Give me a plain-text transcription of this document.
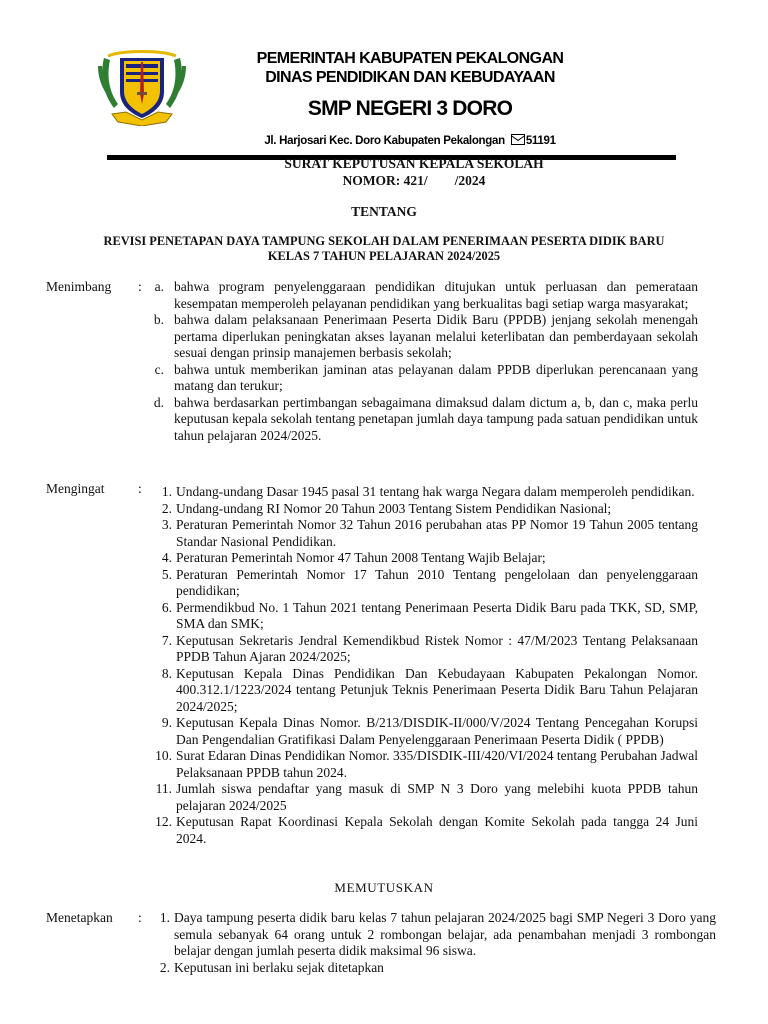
PEMERINTAH KABUPATEN PEKALONGAN
DINAS PENDIDIKAN DAN KEBUDAYAAN
SMP NEGERI 3 DORO
Jl. Harjosari Kec. Doro Kabupaten Pekalongan 51191
SURAT KEPUTUSAN KEPALA SEKOLAH
NOMOR: 421/        /2024
TENTANG
REVISI PENETAPAN DAYA TAMPUNG SEKOLAH DALAM PENERIMAAN PESERTA DIDIK BARU
KELAS 7 TAHUN PELAJARAN 2024/2025
Menimbang : a. bahwa program penyelenggaraan pendidikan ditujukan untuk perluasan dan pemerataan kesempatan memperoleh pelayanan pendidikan yang berkualitas bagi setiap warga masyarakat;
b. bahwa dalam pelaksanaan Penerimaan Peserta Didik Baru (PPDB) jenjang sekolah menengah pertama diperlukan peningkatan akses layanan melalui keterlibatan dan pemberdayaan sekolah sesuai dengan prinsip manajemen berbasis sekolah;
c. bahwa untuk memberikan jaminan atas pelayanan dalam PPDB diperlukan perencanaan yang matang dan terukur;
d. bahwa berdasarkan pertimbangan sebagaimana dimaksud dalam dictum a, b, dan c, maka perlu keputusan kepala sekolah tentang penetapan jumlah daya tampung pada satuan pendidikan untuk tahun pelajaran 2024/2025.
Mengingat :	1. Undang-undang Dasar 1945 pasal 31 tentang hak warga Negara dalam memperoleh pendidikan.
2. Undang-undang RI Nomor 20 Tahun 2003 Tentang Sistem Pendidikan Nasional;
3. Peraturan Pemerintah Nomor 32 Tahun 2016 perubahan atas PP Nomor 19 Tahun 2005 tentang Standar Nasional Pendidikan.
4. Peraturan Pemerintah Nomor 47 Tahun 2008 Tentang Wajib Belajar;
5. Peraturan Pemerintah Nomor 17 Tahun 2010 Tentang pengelolaan dan penyelenggaraan pendidikan;
6. Permendikbud No. 1 Tahun 2021 tentang Penerimaan Peserta Didik Baru pada TKK, SD, SMP, SMA dan SMK;
7. Keputusan Sekretaris Jendral Kemendikbud Ristek Nomor : 47/M/2023 Tentang Pelaksanaan PPDB Tahun Ajaran 2024/2025;
8. Keputusan Kepala Dinas Pendidikan Dan Kebudayaan Kabupaten Pekalongan Nomor. 400.312.1/1223/2024 tentang Petunjuk Teknis Penerimaan Peserta Didik Baru Tahun Pelajaran 2024/2025;
9. Keputusan Kepala Dinas Nomor. B/213/DISDIK-II/000/V/2024 Tentang Pencegahan Korupsi Dan Pengendalian Gratifikasi Dalam Penyelenggaraan Penerimaan Peserta Didik ( PPDB)
10. Surat Edaran Dinas Pendidikan Nomor. 335/DISDIK-III/420/VI/2024 tentang Perubahan Jadwal Pelaksanaan PPDB tahun 2024.
11. Jumlah siswa pendaftar yang masuk di SMP N 3 Doro yang melebihi kuota PPDB tahun pelajaran 2024/2025
12. Keputusan Rapat Koordinasi Kepala Sekolah dengan Komite Sekolah pada tangga 24 Juni 2024.
MEMUTUSKAN
Menetapkan :	1. Daya tampung peserta didik baru kelas 7 tahun pelajaran 2024/2025 bagi SMP Negeri 3 Doro yang semula sebanyak 64 orang untuk 2 rombongan belajar, ada penambahan menjadi 3 rombongan belajar dengan jumlah peserta didik maksimal 96 siswa.
2. Keputusan ini berlaku sejak ditetapkan
